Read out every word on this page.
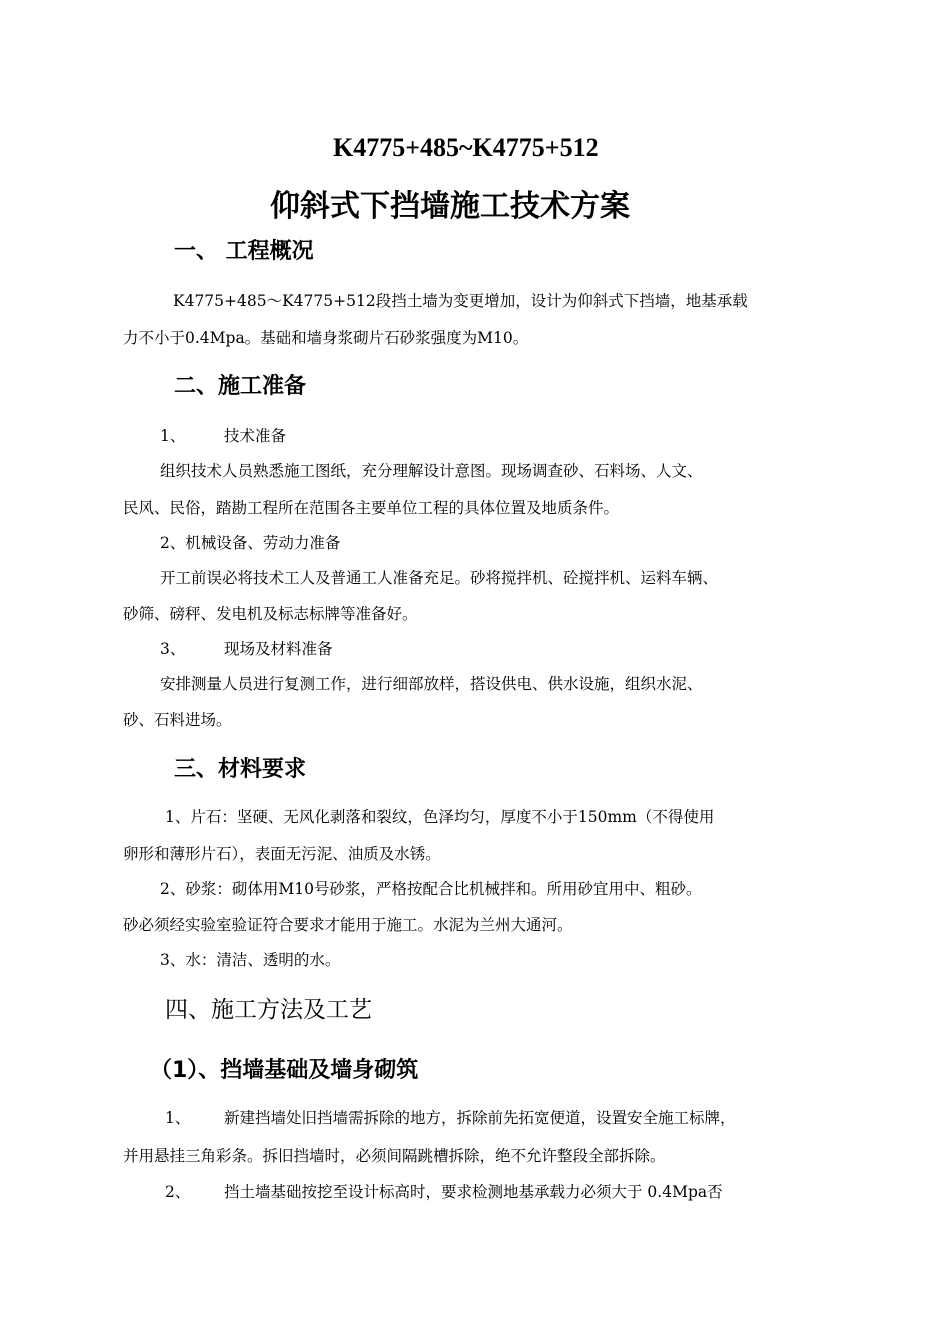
K4775+485~K4775+512
仰斜式下挡墙施工技术方案
一、 工程概况
K4775+485～K4775+512段挡土墙为变更增加，设计为仰斜式下挡墙，地基承载
力不小于0.4Mpa。基础和墙身浆砌片石砂浆强度为M10。
二、施工准备
1、 技术准备
组织技术人员熟悉施工图纸，充分理解设计意图。现场调查砂、石料场、人文、
民风、民俗，踏勘工程所在范围各主要单位工程的具体位置及地质条件。
2、机械设备、劳动力准备
开工前误必将技术工人及普通工人准备充足。砂将搅拌机、砼搅拌机、运料车辆、
砂筛、磅秤、发电机及标志标牌等准备好。
3、 现场及材料准备
安排测量人员进行复测工作，进行细部放样，搭设供电、供水设施，组织水泥、
砂、石料进场。
三、材料要求
1、片石：坚硬、无风化剥落和裂纹，色泽均匀，厚度不小于150mm（不得使用
卵形和薄形片石），表面无污泥、油质及水锈。
2、砂浆：砌体用M10号砂浆，严格按配合比机械拌和。所用砂宜用中、粗砂。
砂必须经实验室验证符合要求才能用于施工。水泥为兰州大通河。
3、水：清洁、透明的水。
四、施工方法及工艺
（1）、挡墙基础及墙身砌筑
1、 新建挡墙处旧挡墙需拆除的地方，拆除前先拓宽便道，设置安全施工标牌，
并用悬挂三角彩条。拆旧挡墙时，必须间隔跳槽拆除，绝不允许整段全部拆除。
2、 挡土墙基础按挖至设计标高时，要求检测地基承载力必须大于 0.4Mpa否
